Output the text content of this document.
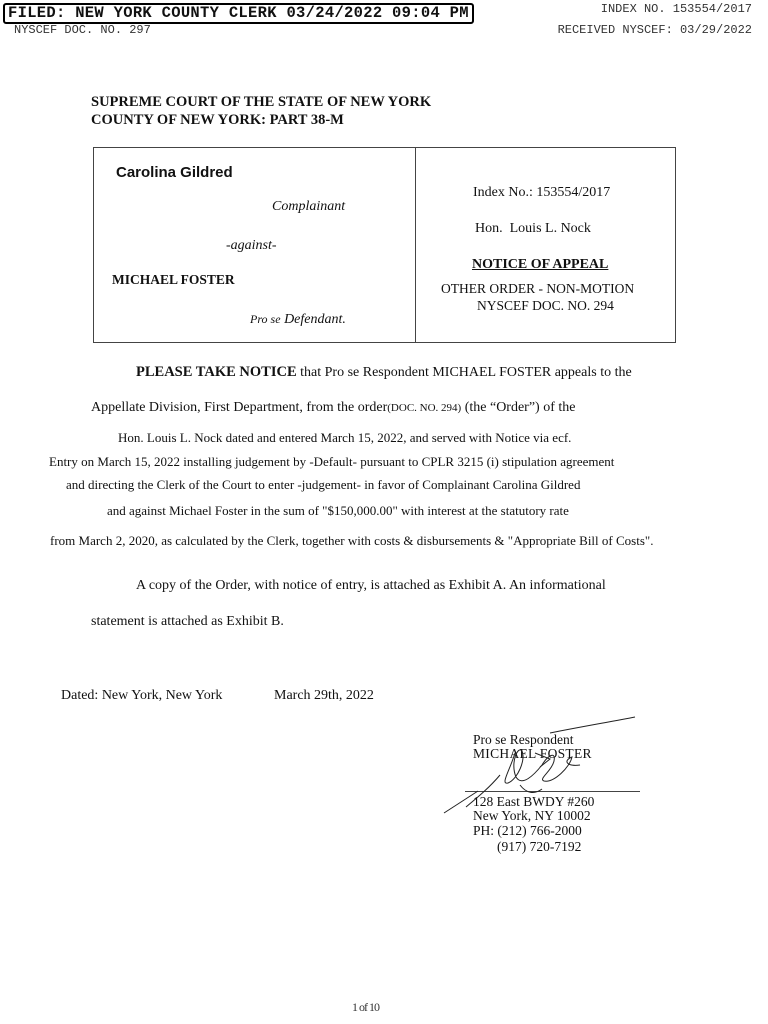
FILED: NEW YORK COUNTY CLERK 03/24/2022 09:04 PM
NYSCEF DOC. NO. 297
INDEX NO. 153554/2017
RECEIVED NYSCEF: 03/29/2022
SUPREME COURT OF THE STATE OF NEW YORK
COUNTY OF NEW YORK: PART 38-M
Carolina Gildred
Complainant
-against-
MICHAEL FOSTER
Pro se Defendant.
Index No.: 153554/2017
Hon. Louis L. Nock
NOTICE OF APPEAL
OTHER ORDER - NON-MOTION
NYSCEF DOC. NO. 294
PLEASE TAKE NOTICE that Pro se Respondent MICHAEL FOSTER appeals to the
Appellate Division, First Department, from the order(DOC. NO. 294) (the “Order”) of the
Hon. Louis L. Nock dated and entered March 15, 2022, and served with Notice via ecf.
Entry on March 15, 2022 installing judgement by -Default- pursuant to CPLR 3215 (i) stipulation agreement
and directing the Clerk of the Court to enter -judgement- in favor of Complainant Carolina Gildred
and against Michael Foster in the sum of "$150,000.00" with interest at the statutory rate
from March 2, 2020, as calculated by the Clerk, together with costs & disbursements & "Appropriate Bill of Costs".
A copy of the Order, with notice of entry, is attached as Exhibit A. An informational
statement is attached as Exhibit B.
Dated: New York, New York	March 29th, 2022
Pro se Respondent
MICHAEL FOSTER
128 East BWDY #260
New York, NY 10002
PH: (212) 766-2000
(917) 720-7192
1 of 10
